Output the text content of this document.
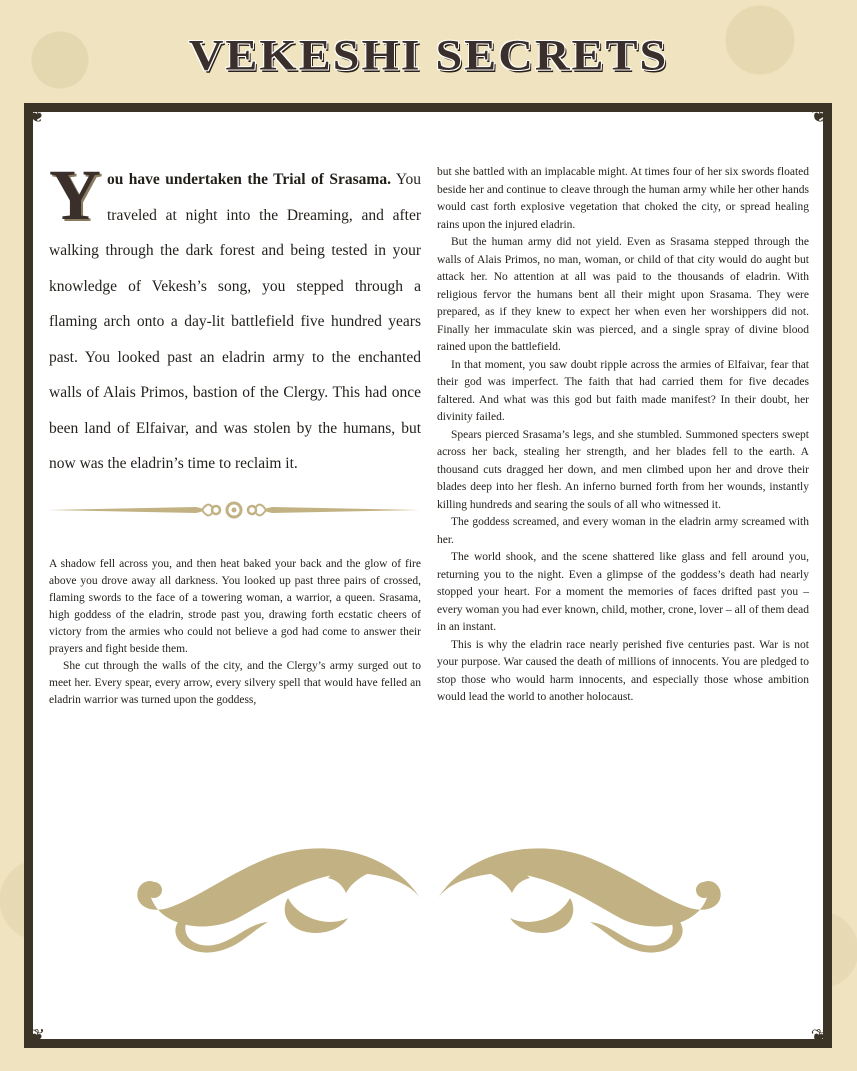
VEKESHI SECRETS
❦	❦
❦	❦
Y ou have undertaken the Trial of Srasama. You traveled at night into the Dreaming, and after walking through the dark forest and being tested in your knowledge of Vekesh’s song, you stepped through a flaming arch onto a day-lit battlefield five hundred years past. You looked past an eladrin army to the enchanted walls of Alais Primos, bastion of the Clergy. This had once been land of Elfaivar, and was stolen by the humans, but now was the eladrin’s time to reclaim it.

A shadow fell across you, and then heat baked your back and the glow of fire above you drove away all darkness. You looked up past three pairs of crossed, flaming swords to the face of a towering woman, a warrior, a queen. Srasama, high goddess of the eladrin, strode past you, drawing forth ecstatic cheers of victory from the armies who could not believe a god had come to answer their prayers and fight beside them.

She cut through the walls of the city, and the Clergy’s army surged out to meet her. Every spear, every arrow, every silvery spell that would have felled an eladrin warrior was turned upon the goddess,

but she battled with an implacable might. At times four of her six swords floated beside her and continue to cleave through the human army while her other hands would cast forth explosive vegetation that choked the city, or spread healing rains upon the injured eladrin.

But the human army did not yield. Even as Srasama stepped through the walls of Alais Primos, no man, woman, or child of that city would do aught but attack her. No attention at all was paid to the thousands of eladrin. With religious fervor the humans bent all their might upon Srasama. They were prepared, as if they knew to expect her when even her worshippers did not. Finally her immaculate skin was pierced, and a single spray of divine blood rained upon the battlefield.

In that moment, you saw doubt ripple across the armies of Elfaivar, fear that their god was imperfect. The faith that had carried them for five decades faltered. And what was this god but faith made manifest? In their doubt, her divinity failed.

Spears pierced Srasama’s legs, and she stumbled. Summoned specters swept across her back, stealing her strength, and her blades fell to the earth. A thousand cuts dragged her down, and men climbed upon her and drove their blades deep into her flesh. An inferno burned forth from her wounds, instantly killing hundreds and searing the souls of all who witnessed it.

The goddess screamed, and every woman in the eladrin army screamed with her.

The world shook, and the scene shattered like glass and fell around you, returning you to the night. Even a glimpse of the goddess’s death had nearly stopped your heart. For a moment the memories of faces drifted past you – every woman you had ever known, child, mother, crone, lover – all of them dead in an instant.

This is why the eladrin race nearly perished five centuries past. War is not your purpose. War caused the death of millions of innocents. You are pledged to stop those who would harm innocents, and especially those whose ambition would lead the world to another holocaust.
